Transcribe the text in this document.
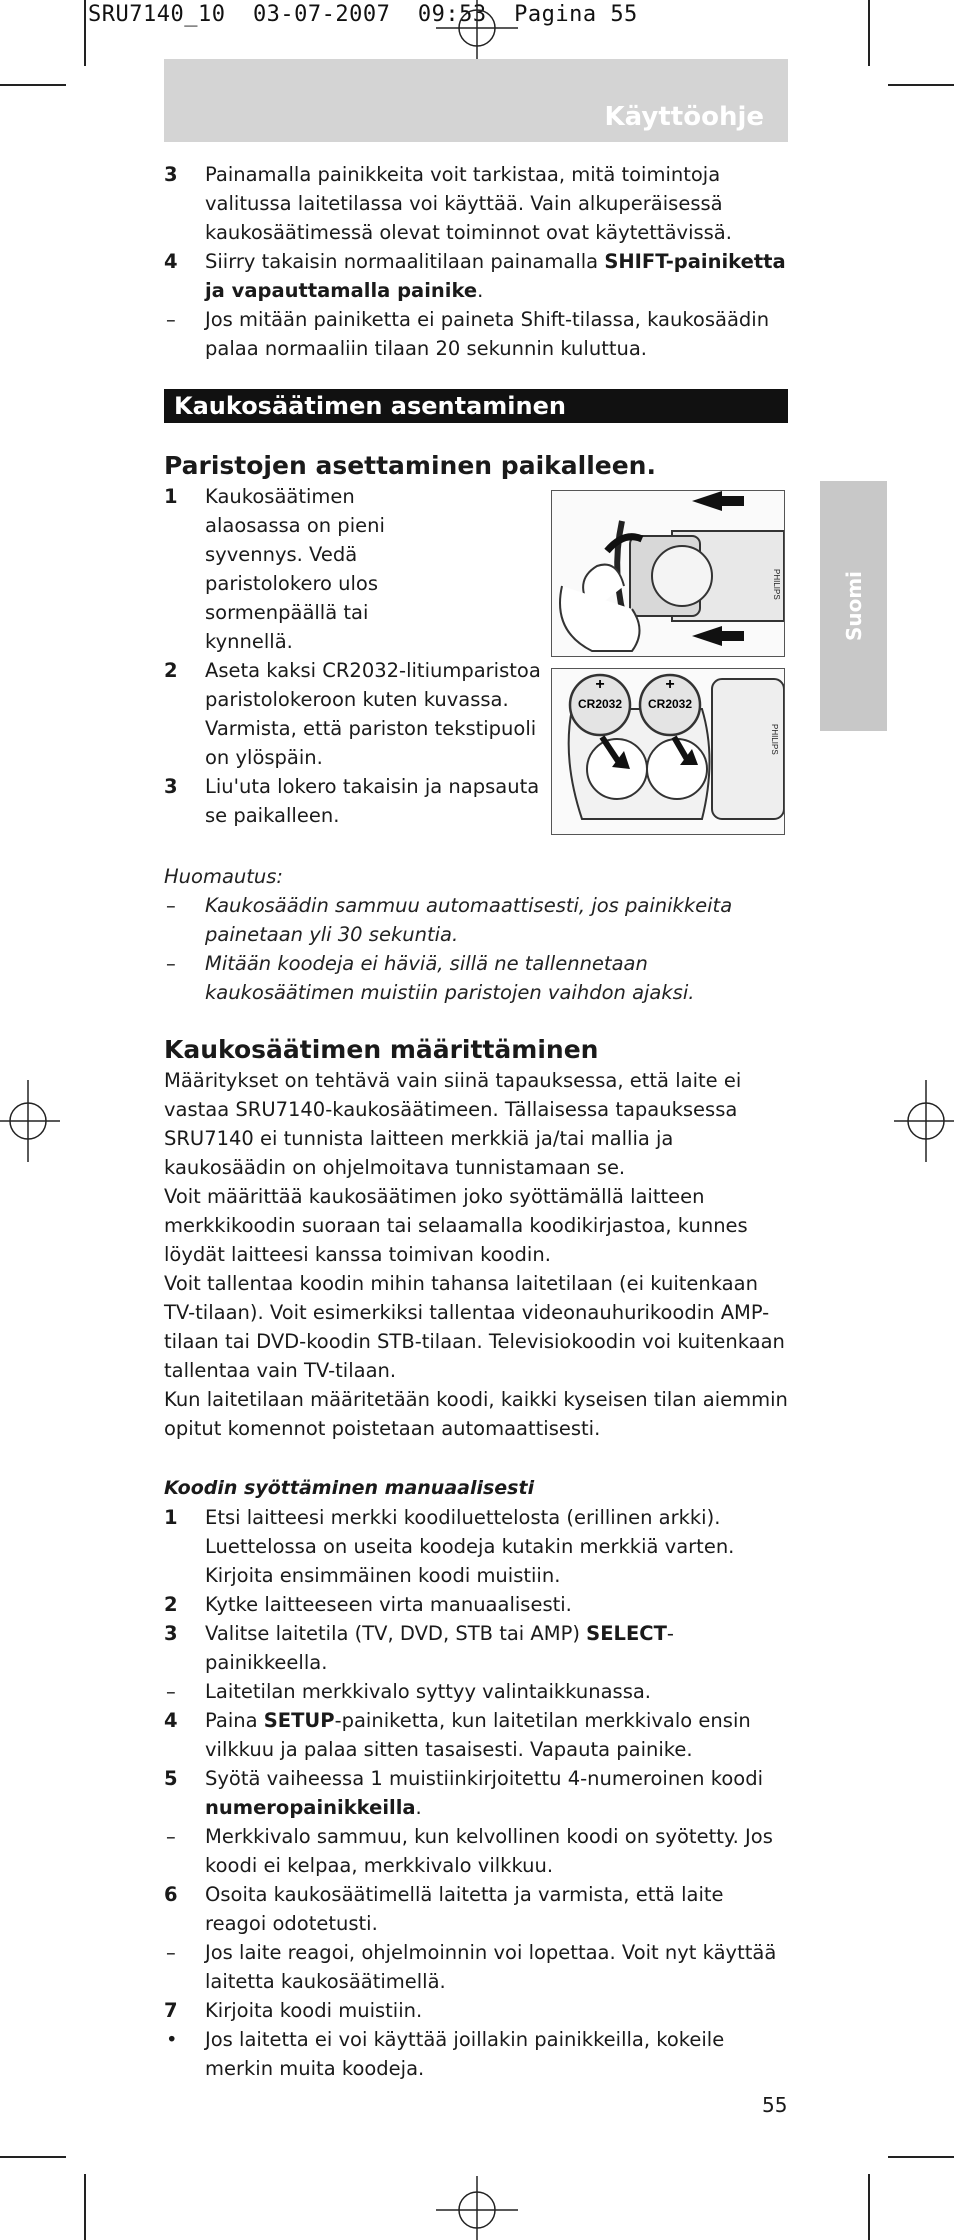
SRU7140_10  03-07-2007  09:53  Pagina 55
Käyttöohje
Suomi
3 Painamalla painikkeita voit tarkistaa, mitä toimintoja valitussa laitetilassa voi käyttää. Vain alkuperäisessä kaukosäätimessä olevat toiminnot ovat käytettävissä.
4 Siirry takaisin normaalitilaan painamalla SHIFT-painiketta ja vapauttamalla painike.
– Jos mitään painiketta ei paineta Shift-tilassa, kaukosäädin palaa normaaliin tilaan 20 sekunnin kuluttua.
Kaukosäätimen asentaminen
Paristojen asettaminen paikalleen.
1 Kaukosäätimen alaosassa on pieni syvennys. Vedä paristolokero ulos sormenpäällä tai kynnellä.
2 Aseta kaksi CR2032-litiumparistoa paristolokeroon kuten kuvassa. Varmista, että pariston tekstipuoli on ylöspäin.
3 Liu'uta lokero takaisin ja napsauta se paikalleen.
PHILIPS
+	+
CR2032 CR2032
PHILIPS
Huomautus:
– Kaukosäädin sammuu automaattisesti, jos painikkeita painetaan yli 30 sekuntia.
– Mitään koodeja ei häviä, sillä ne tallennetaan kaukosäätimen muistiin paristojen vaihdon ajaksi.
Kaukosäätimen määrittäminen
Määritykset on tehtävä vain siinä tapauksessa, että laite ei vastaa SRU7140-kaukosäätimeen. Tällaisessa tapauksessa SRU7140 ei tunnista laitteen merkkiä ja/tai mallia ja kaukosäädin on ohjelmoitava tunnistamaan se.
Voit määrittää kaukosäätimen joko syöttämällä laitteen merkkikoodin suoraan tai selaamalla koodikirjastoa, kunnes löydät laitteesi kanssa toimivan koodin.
Voit tallentaa koodin mihin tahansa laitetilaan (ei kuitenkaan TV-tilaan). Voit esimerkiksi tallentaa videonauhurikoodin AMP-tilaan tai DVD-koodin STB-tilaan. Televisiokoodin voi kuitenkaan tallentaa vain TV-tilaan.
Kun laitetilaan määritetään koodi, kaikki kyseisen tilan aiemmin opitut komennot poistetaan automaattisesti.
Koodin syöttäminen manuaalisesti
1 Etsi laitteesi merkki koodiluettelosta (erillinen arkki). Luettelossa on useita koodeja kutakin merkkiä varten. Kirjoita ensimmäinen koodi muistiin.
2 Kytke laitteeseen virta manuaalisesti.
3 Valitse laitetila (TV, DVD, STB tai AMP) SELECT-painikkeella.
– Laitetilan merkkivalo syttyy valintaikkunassa.
4 Paina SETUP-painiketta, kun laitetilan merkkivalo ensin vilkkuu ja palaa sitten tasaisesti. Vapauta painike.
5 Syötä vaiheessa 1 muistiinkirjoitettu 4-numeroinen koodi numeropainikkeilla.
– Merkkivalo sammuu, kun kelvollinen koodi on syötetty. Jos koodi ei kelpaa, merkkivalo vilkkuu.
6 Osoita kaukosäätimellä laitetta ja varmista, että laite reagoi odotetusti.
– Jos laite reagoi, ohjelmoinnin voi lopettaa. Voit nyt käyttää laitetta kaukosäätimellä.
7 Kirjoita koodi muistiin.
• Jos laitetta ei voi käyttää joillakin painikkeilla, kokeile merkin muita koodeja.
55
